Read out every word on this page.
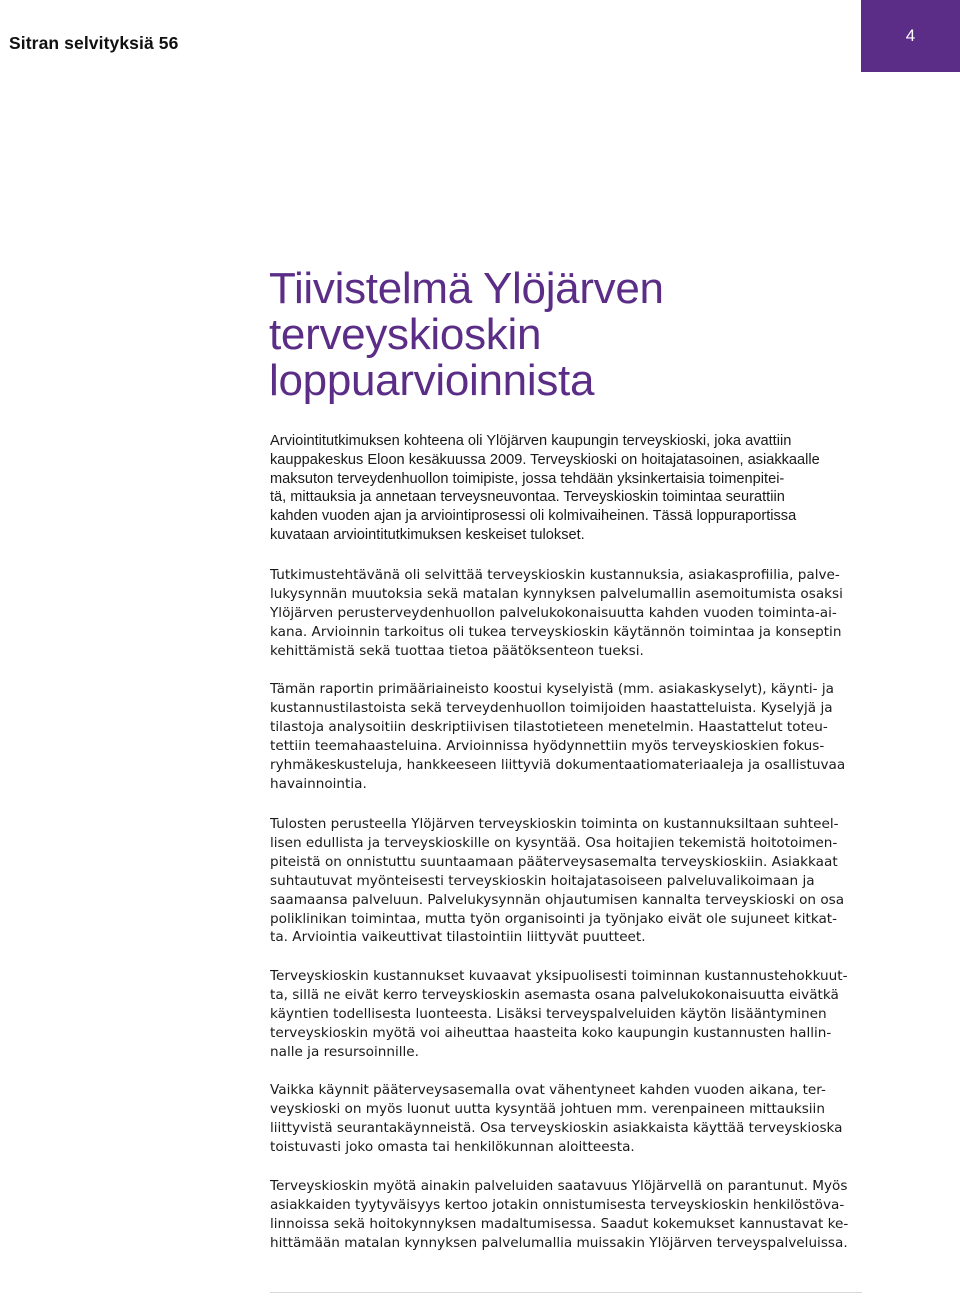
Sitran selvityksiä 56	4
Tiivistelmä Ylöjärven
terveyskioskin
loppuarvioinnista
Arviointitutkimuksen kohteena oli Ylöjärven kaupungin terveyskioski, joka avattiin
kauppakeskus Eloon kesäkuussa 2009. Terveyskioski on hoitajatasoinen, asiakkaalle
maksuton terveydenhuollon toimipiste, jossa tehdään yksinkertaisia toimenpitei-
tä, mittauksia ja annetaan terveysneuvontaa. Terveyskioskin toimintaa seurattiin
kahden vuoden ajan ja arviointiprosessi oli kolmivaiheinen. Tässä loppuraportissa
kuvataan arviointitutkimuksen keskeiset tulokset.
Tutkimustehtävänä oli selvittää terveyskioskin kustannuksia, asiakasprofiilia, palve-
lukysynnän muutoksia sekä matalan kynnyksen palvelumallin asemoitumista osaksi
Ylöjärven perusterveydenhuollon palvelukokonaisuutta kahden vuoden toiminta-ai-
kana. Arvioinnin tarkoitus oli tukea terveyskioskin käytännön toimintaa ja konseptin
kehittämistä sekä tuottaa tietoa päätöksenteon tueksi.
Tämän raportin primääriaineisto koostui kyselyistä (mm. asiakaskyselyt), käynti- ja
kustannustilastoista sekä terveydenhuollon toimijoiden haastatteluista. Kyselyjä ja
tilastoja analysoitiin deskriptiivisen tilastotieteen menetelmin. Haastattelut toteu-
tettiin teemahaasteluina. Arvioinnissa hyödynnettiin myös terveyskioskien fokus-
ryhmäkeskusteluja, hankkeeseen liittyviä dokumentaatiomateriaaleja ja osallistuvaa
havainnointia.
Tulosten perusteella Ylöjärven terveyskioskin toiminta on kustannuksiltaan suhteel-
lisen edullista ja terveyskioskille on kysyntää. Osa hoitajien tekemistä hoitotoimen-
piteistä on onnistuttu suuntaamaan pääterveysasemalta terveyskioskiin. Asiakkaat
suhtautuvat myönteisesti terveyskioskin hoitajatasoiseen palveluvalikoimaan ja
saamaansa palveluun. Palvelukysynnän ohjautumisen kannalta terveyskioski on osa
poliklinikan toimintaa, mutta työn organisointi ja työnjako eivät ole sujuneet kitkat-
ta. Arviointia vaikeuttivat tilastointiin liittyvät puutteet.
Terveyskioskin kustannukset kuvaavat yksipuolisesti toiminnan kustannustehokkuut-
ta, sillä ne eivät kerro terveyskioskin asemasta osana palvelukokonaisuutta eivätkä
käyntien todellisesta luonteesta. Lisäksi terveyspalveluiden käytön lisääntyminen
terveyskioskin myötä voi aiheuttaa haasteita koko kaupungin kustannusten hallin-
nalle ja resursoinnille.
Vaikka käynnit pääterveysasemalla ovat vähentyneet kahden vuoden aikana, ter-
veyskioski on myös luonut uutta kysyntää johtuen mm. verenpaineen mittauksiin
liittyvistä seurantakäynneistä. Osa terveyskioskin asiakkaista käyttää terveyskioska
toistuvasti joko omasta tai henkilökunnan aloitteesta.
Terveyskioskin myötä ainakin palveluiden saatavuus Ylöjärvellä on parantunut. Myös
asiakkaiden tyytyväisyys kertoo jotakin onnistumisesta terveyskioskin henkilöstöva-
linnoissa sekä hoitokynnyksen madaltumisessa. Saadut kokemukset kannustavat ke-
hittämään matalan kynnyksen palvelumallia muissakin Ylöjärven terveyspalveluissa.
